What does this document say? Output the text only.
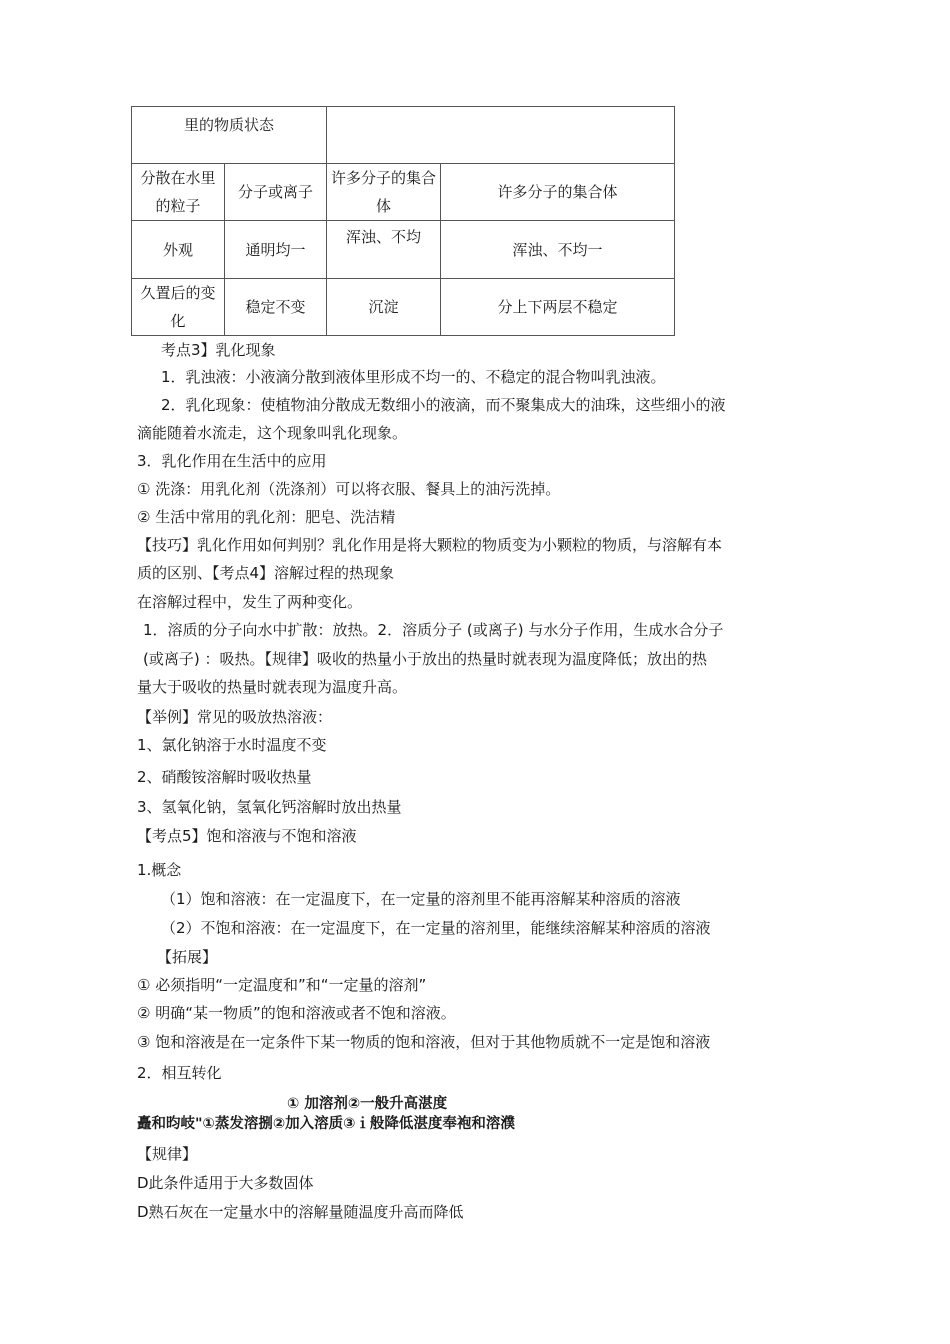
里的物质状态			
分散在水里的粒子	分子或离子	许多分子的集合体	许多分子的集合体
外观	通明均一	浑浊、不均	浑浊、不均一
久置后的变化	稳定不变	沉淀	分上下两层不稳定
考点3】乳化现象
1．乳浊液：小液滴分散到液体里形成不均一的、不稳定的混合物叫乳浊液。
2．乳化现象：使植物油分散成无数细小的液滴，而不聚集成大的油珠，这些细小的液
滴能随着水流走，这个现象叫乳化现象。
3．乳化作用在生活中的应用
① 洗涤：用乳化剂（洗涤剂）可以将衣服、餐具上的油污洗掉。
② 生活中常用的乳化剂：肥皂、洗洁精
【技巧】乳化作用如何判别？乳化作用是将大颗粒的物质变为小颗粒的物质，与溶解有本
质的区别、【考点4】溶解过程的热现象
在溶解过程中，发生了两种变化。
1．溶质的分子向水中扩散：放热。2．溶质分子 (或离子) 与水分子作用，生成水合分子
(或离子) ：吸热。【规律】吸收的热量小于放出的热量时就表现为温度降低；放出的热
量大于吸收的热量时就表现为温度升高。
【举例】常见的吸放热溶液：
1、氯化钠溶于水时温度不变
2、硝酸铵溶解时吸收热量
3、氢氧化钠，氢氧化钙溶解时放出热量
【考点5】饱和溶液与不饱和溶液
1.概念
（1）饱和溶液：在一定温度下，在一定量的溶剂里不能再溶解某种溶质的溶液
（2）不饱和溶液：在一定温度下，在一定量的溶剂里，能继续溶解某种溶质的溶液
【拓展】
① 必须指明“一定温度和”和“一定量的溶剂”
② 明确“某一物质”的饱和溶液或者不饱和溶液。
③ 饱和溶液是在一定条件下某一物质的饱和溶液，但对于其他物质就不一定是饱和溶液
2．相互转化
① 加溶剂②一般升高湛度
矗和昀岐"①蒸发溶捌②加入溶质③ｉ般降低湛度奉袍和溶濮
【规律】
D此条件适用于大多数固体
D熟石灰在一定量水中的溶解量随温度升高而降低
